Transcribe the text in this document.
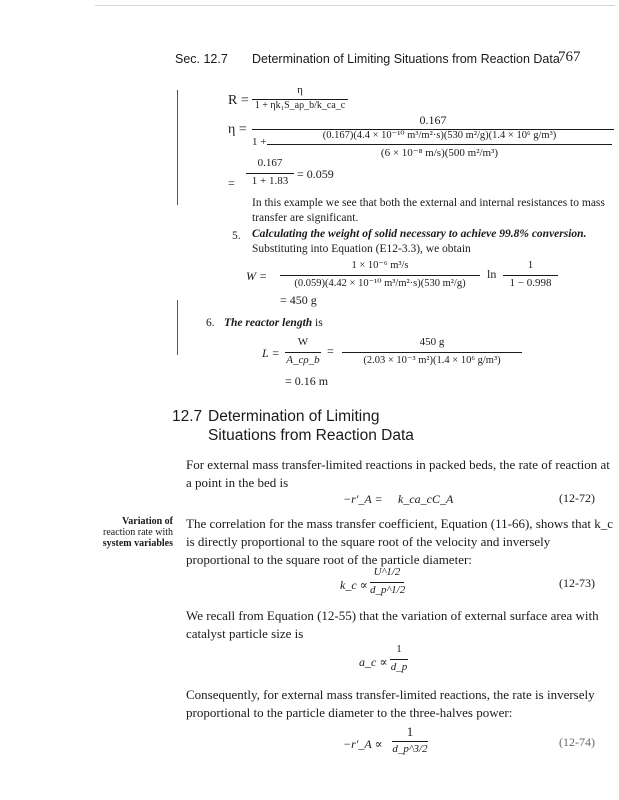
Sec. 12.7 Determination of Limiting Situations from Reaction Data
767
R =
η
1 + ηk₁S_aρ_b/k_ca_c
η =
0.167
1 +
(0.167)(4.4 × 10⁻¹⁰ m³/m²·s)(530 m²/g)(1.4 × 10⁶ g/m³)
(6 × 10⁻⁸ m/s)(500 m²/m³)
=
0.167
1 + 1.83 = 0.059
In this example we see that both the external and internal resistances to mass transfer are significant.
5. Calculating the weight of solid necessary to achieve 99.8% conversion. Substituting into Equation (E12-3.3), we obtain
W =
1 × 10⁻⁶ m³/s
(0.059)(4.42 × 10⁻¹⁰ m³/m²·s)(530 m²/g)
ln
1
1 − 0.998
= 450 g
6. The reactor length is
L =
W
A_cρ_b
=
450 g
(2.03 × 10⁻³ m²)(1.4 × 10⁶ g/m³)
= 0.16 m
12.7 Determination of Limiting
Situations from Reaction Data
For external mass transfer-limited reactions in packed beds, the rate of reaction at a point in the bed is
−r′_A = k_ca_cC_A	(12-72)
Variation of
reaction rate with
system variables
The correlation for the mass transfer coefficient, Equation (11-66), shows that k_c is directly proportional to the square root of the velocity and inversely proportional to the square root of the particle diameter:
k_c ∝
U^1/2
d_p^1/2	(12-73)
We recall from Equation (12-55) that the variation of external surface area with catalyst particle size is
a_c ∝
1
d_p
Consequently, for external mass transfer-limited reactions, the rate is inversely proportional to the particle diameter to the three-halves power:
−r′_A ∝
1
d_p^3/2	(12-74)
